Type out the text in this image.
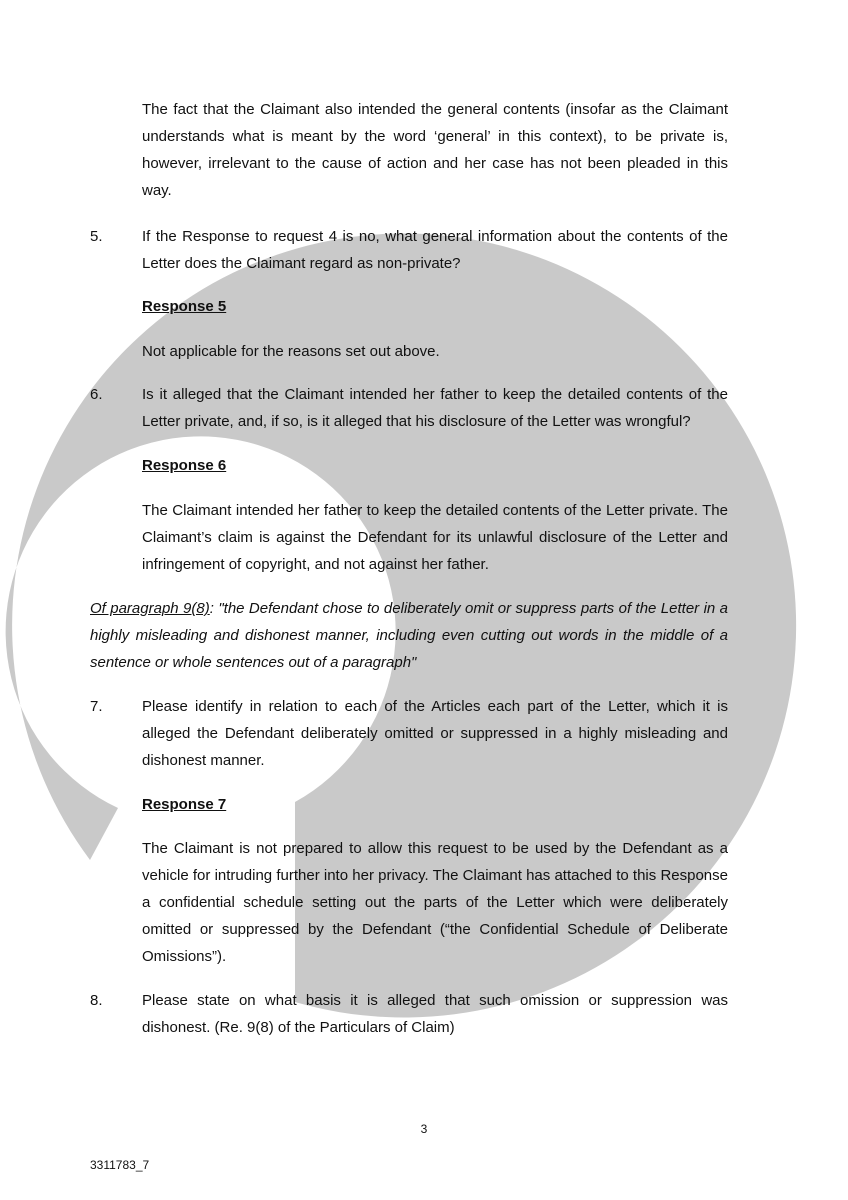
The fact that the Claimant also intended the general contents (insofar as the Claimant understands what is meant by the word ‘general’ in this context), to be private is, however, irrelevant to the cause of action and her case has not been pleaded in this way.

5.	If the Response to request 4 is no, what general information about the contents of the Letter does the Claimant regard as non-private?

Response 5

Not applicable for the reasons set out above.

6.	Is it alleged that the Claimant intended her father to keep the detailed contents of the Letter private, and, if so, is it alleged that his disclosure of the Letter was wrongful?

Response 6

The Claimant intended her father to keep the detailed contents of the Letter private. The Claimant’s claim is against the Defendant for its unlawful disclosure of the Letter and infringement of copyright, and not against her father.

Of paragraph 9(8): "the Defendant chose to deliberately omit or suppress parts of the Letter in a highly misleading and dishonest manner, including even cutting out words in the middle of a sentence or whole sentences out of a paragraph"

7.	Please identify in relation to each of the Articles each part of the Letter, which it is alleged the Defendant deliberately omitted or suppressed in a highly misleading and dishonest manner.

Response 7

The Claimant is not prepared to allow this request to be used by the Defendant as a vehicle for intruding further into her privacy. The Claimant has attached to this Response a confidential schedule setting out the parts of the Letter which were deliberately omitted or suppressed by the Defendant (“the Confidential Schedule of Deliberate Omissions”).

8.	Please state on what basis it is alleged that such omission or suppression was dishonest. (Re. 9(8) of the Particulars of Claim)

3
3311783_7
